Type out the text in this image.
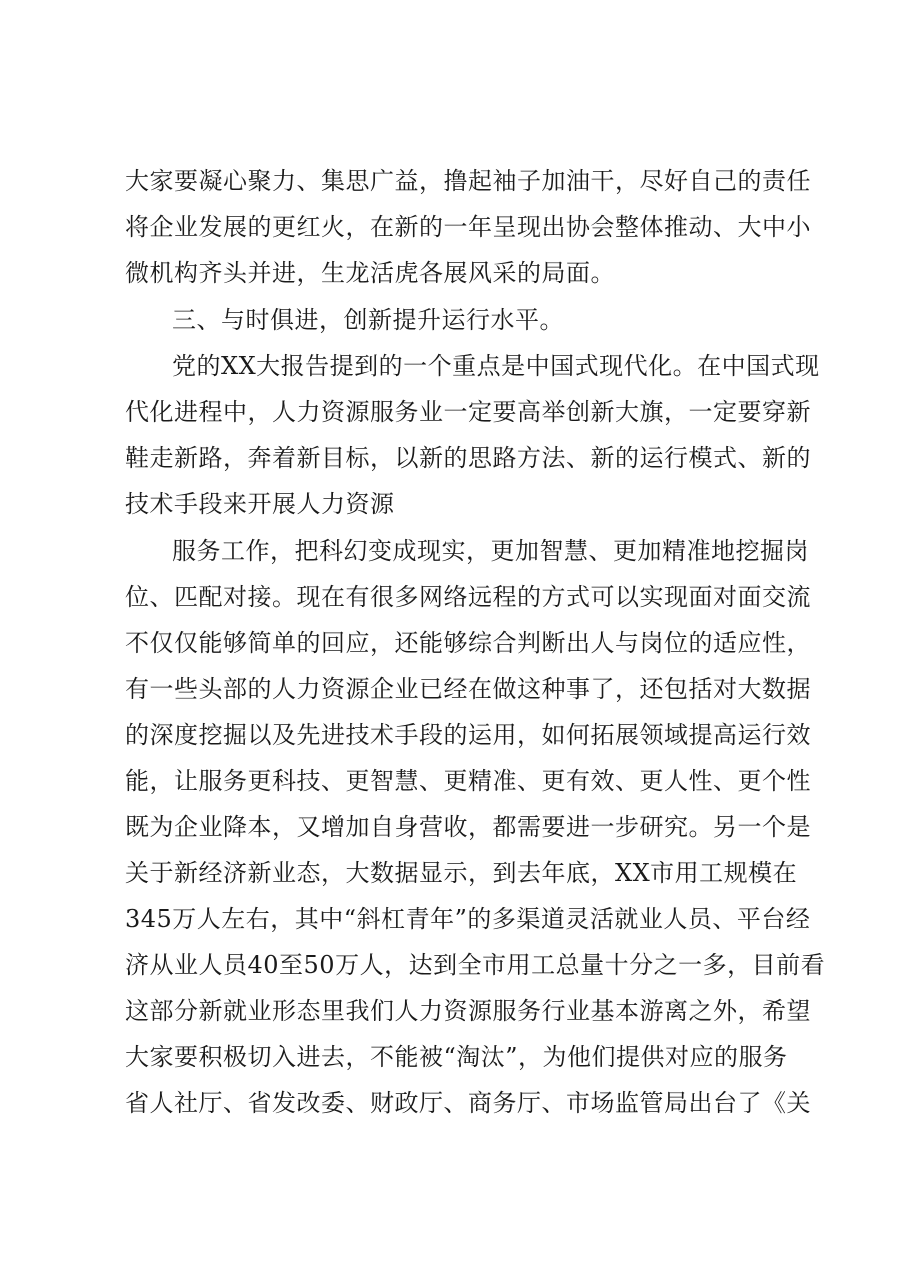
大家要凝心聚力、集思广益，撸起袖子加油干，尽好自己的责任
将企业发展的更红火，在新的一年呈现出协会整体推动、大中小
微机构齐头并进，生龙活虎各展风采的局面。
三、与时俱进，创新提升运行水平。
党的XX大报告提到的一个重点是中国式现代化。在中国式现
代化进程中，人力资源服务业一定要高举创新大旗，一定要穿新
鞋走新路，奔着新目标，以新的思路方法、新的运行模式、新的
技术手段来开展人力资源
服务工作，把科幻变成现实，更加智慧、更加精准地挖掘岗
位、匹配对接。现在有很多网络远程的方式可以实现面对面交流
不仅仅能够简单的回应，还能够综合判断出人与岗位的适应性，
有一些头部的人力资源企业已经在做这种事了，还包括对大数据
的深度挖掘以及先进技术手段的运用，如何拓展领域提高运行效
能，让服务更科技、更智慧、更精准、更有效、更人性、更个性
既为企业降本，又增加自身营收，都需要进一步研究。另一个是
关于新经济新业态，大数据显示，到去年底，XX市用工规模在
345万人左右，其中“斜杠青年”的多渠道灵活就业人员、平台经
济从业人员40至50万人，达到全市用工总量十分之一多，目前看
这部分新就业形态里我们人力资源服务行业基本游离之外，希望
大家要积极切入进去，不能被“淘汰”，为他们提供对应的服务
省人社厅、省发改委、财政厅、商务厅、市场监管局出台了《关
